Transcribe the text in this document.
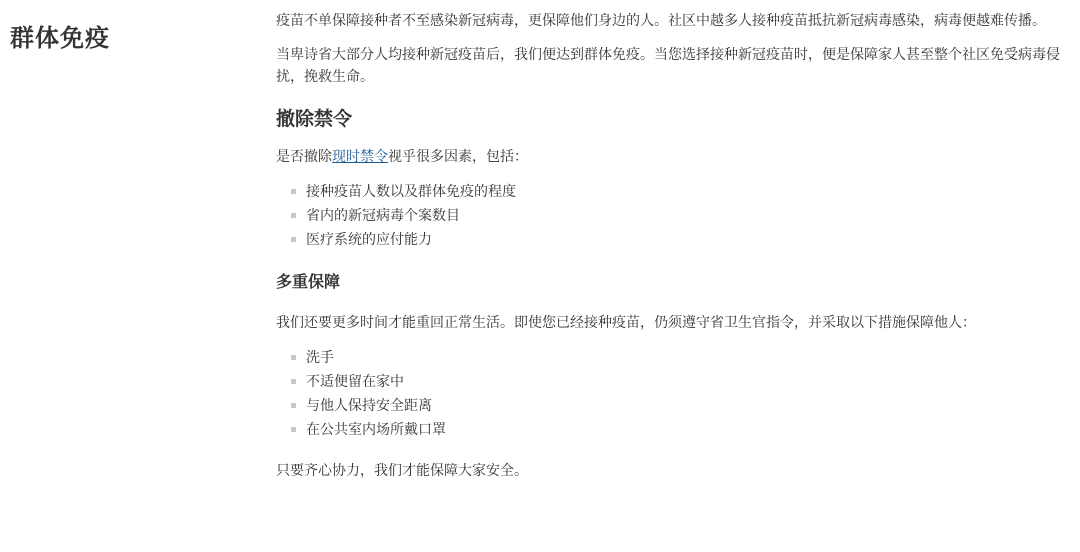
群体免疫

疫苗不单保障接种者不至感染新冠病毒，更保障他们身边的人。社区中越多人接种疫苗抵抗新冠病毒感染，病毒便越难传播。

当卑诗省大部分人均接种新冠疫苗后，我们便达到群体免疫。当您选择接种新冠疫苗时，便是保障家人甚至整个社区免受病毒侵扰，挽救生命。

撤除禁令

是否撤除现时禁令视乎很多因素，包括：

接种疫苗人数以及群体免疫的程度
省内的新冠病毒个案数目
医疗系统的应付能力
多重保障

我们还要更多时间才能重回正常生活。即使您已经接种疫苗，仍须遵守省卫生官指令，并采取以下措施保障他人：

洗手
不适便留在家中
与他人保持安全距离
在公共室内场所戴口罩

只要齐心协力，我们才能保障大家安全。
